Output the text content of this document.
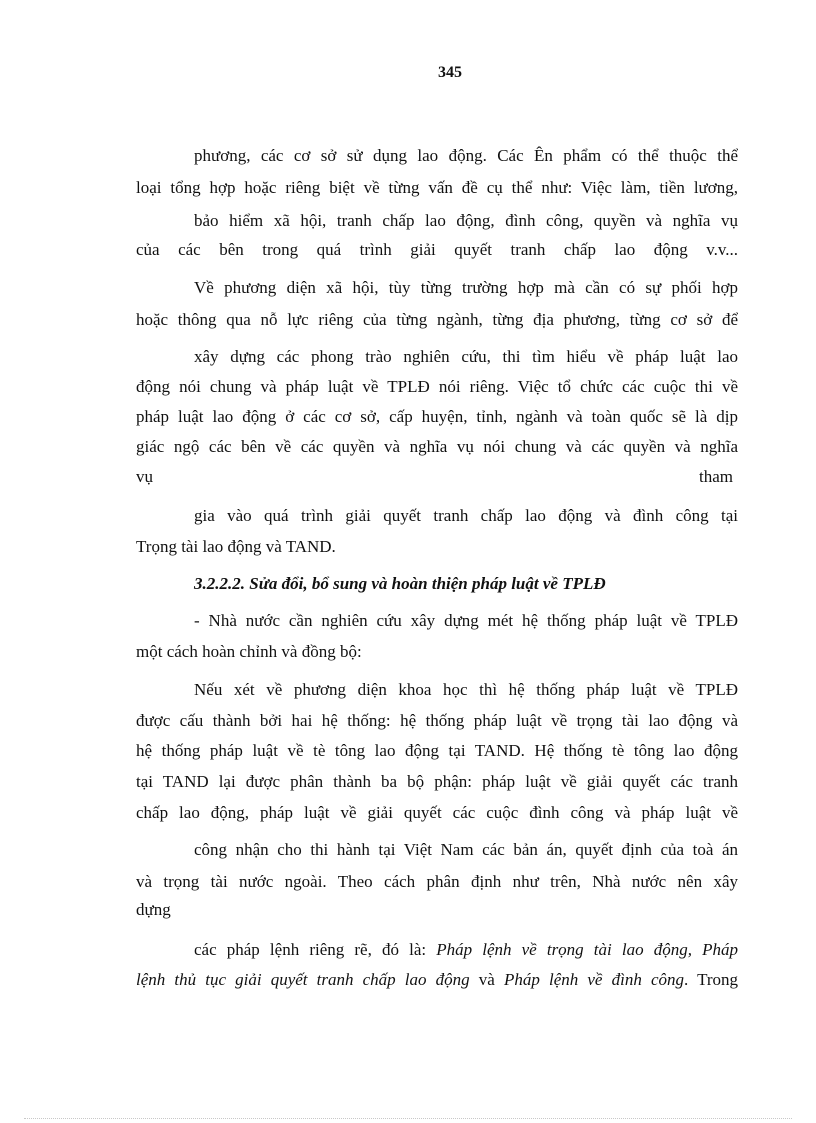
345
phương, các cơ sở sử dụng lao động. Các Ên phẩm có thể thuộc thể
loại tổng hợp hoặc riêng biệt về từng vấn đề cụ thể như: Việc làm, tiền lương,
bảo hiểm xã hội, tranh chấp lao động, đình công, quyền và nghĩa vụ
của các bên trong quá trình giải quyết tranh chấp lao động v.v...
Về phương diện xã hội, tùy từng trường hợp mà cần có sự phối hợp
hoặc thông qua nỗ lực riêng của từng ngành, từng địa phương, từng cơ sở để
xây dựng các phong trào nghiên cứu, thi tìm hiểu về pháp luật lao
động nói chung và pháp luật về TPLĐ nói riêng. Việc tổ chức các cuộc thi về
pháp luật lao động ở các cơ sở, cấp huyện, tỉnh, ngành và toàn quốc sẽ là dịp
giác ngộ các bên về các quyền và nghĩa vụ nói chung và các quyền và nghĩa
vụ	tham
gia vào quá trình giải quyết tranh chấp lao động và đình công tại
Trọng tài lao động và TAND.
3.2.2.2. Sửa đổi, bổ sung và hoàn thiện pháp luật về TPLĐ
- Nhà nước cần nghiên cứu xây dựng mét hệ thống pháp luật về TPLĐ
một cách hoàn chỉnh và đồng bộ:
Nếu xét về phương diện khoa học thì hệ thống pháp luật về TPLĐ
được cấu thành bởi hai hệ thống: hệ thống pháp luật về trọng tài lao động và
hệ thống pháp luật về tè tông lao động tại TAND. Hệ thống tè tông lao động
tại TAND lại được phân thành ba bộ phận: pháp luật về giải quyết các tranh
chấp lao động, pháp luật về giải quyết các cuộc đình công và pháp luật về
công nhận cho thi hành tại Việt Nam các bản án, quyết định của toà án
và trọng tài nước ngoài. Theo cách phân định như trên, Nhà nước nên xây
dựng
các pháp lệnh riêng rẽ, đó là: Pháp lệnh về trọng tài lao động, Pháp
lệnh thủ tục giải quyết tranh chấp lao động và Pháp lệnh về đình công. Trong
